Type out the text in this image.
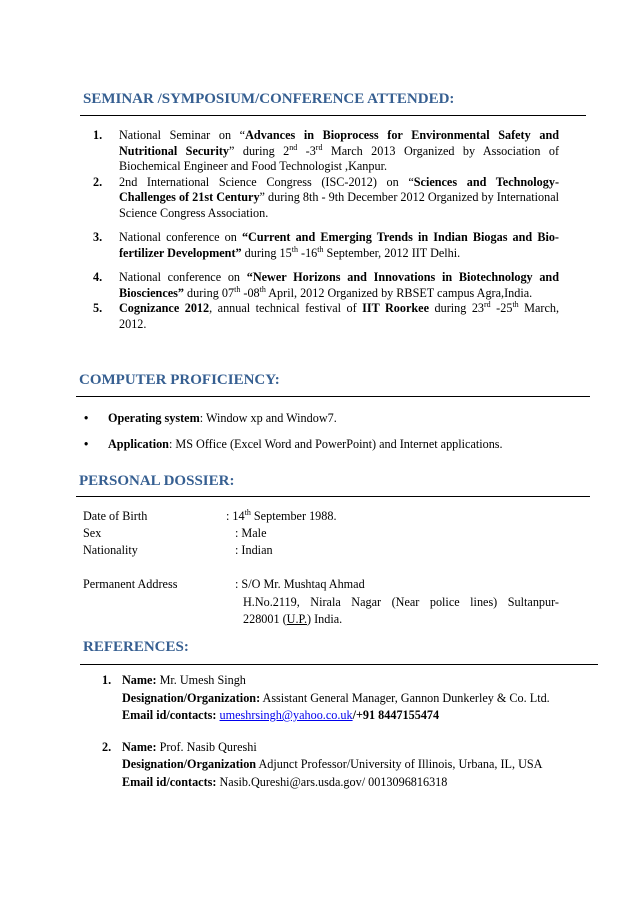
SEMINAR /SYMPOSIUM/CONFERENCE ATTENDED:
1. National Seminar on “Advances in Bioprocess for Environmental Safety and Nutritional Security” during 2nd -3rd March 2013 Organized by Association of Biochemical Engineer and Food Technologist ,Kanpur.
2. 2nd International Science Congress (ISC-2012) on “Sciences and Technology- Challenges of 21st Century” during 8th - 9th December 2012 Organized by International Science Congress Association.
3. National conference on “Current and Emerging Trends in Indian Biogas and Bio-fertilizer Development” during 15th -16th September, 2012 IIT Delhi.
4. National conference on “Newer Horizons and Innovations in Biotechnology and Biosciences” during 07th -08th April, 2012 Organized by RBSET campus Agra,India.
5. Cognizance 2012, annual technical festival of IIT Roorkee during 23rd -25th March, 2012.
COMPUTER PROFICIENCY:
• Operating system: Window xp and Window7.
• Application: MS Office (Excel Word and PowerPoint) and Internet applications.
PERSONAL DOSSIER:
Date of Birth	: 14th September 1988.
Sex	: Male
Nationality	: Indian
Permanent Address	: S/O Mr. Mushtaq Ahmad
H.No.2119, Nirala Nagar (Near police lines) Sultanpur-
228001 (U.P.) India.
REFERENCES:
1. Name: Mr. Umesh Singh
Designation/Organization: Assistant General Manager, Gannon Dunkerley & Co. Ltd.
Email id/contacts: umeshrsingh@yahoo.co.uk/+91 8447155474
2. Name: Prof. Nasib Qureshi
Designation/Organization Adjunct Professor/University of Illinois, Urbana, IL, USA
Email id/contacts: Nasib.Qureshi@ars.usda.gov/ 0013096816318
